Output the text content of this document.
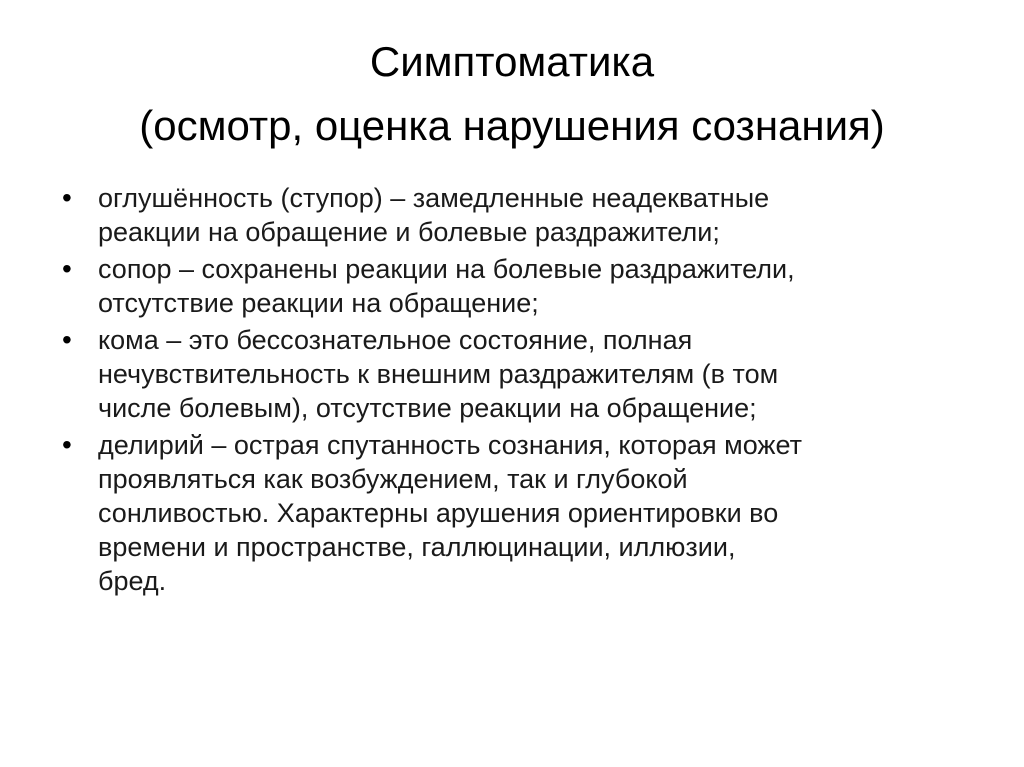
Симптоматика
(осмотр, оценка нарушения сознания)
• оглушённость (ступор) – замедленные неадекватные
реакции на обращение и болевые раздражители;
• сопор – сохранены реакции на болевые раздражители,
отсутствие реакции на обращение;
• кома – это бессознательное состояние, полная
нечувствительность к внешним раздражителям (в том
числе болевым), отсутствие реакции на обращение;
• делирий – острая спутанность сознания, которая может
проявляться как возбуждением, так и глубокой
сонливостью. Характерны арушения ориентировки во
времени и пространстве, галлюцинации, иллюзии,
бред.
